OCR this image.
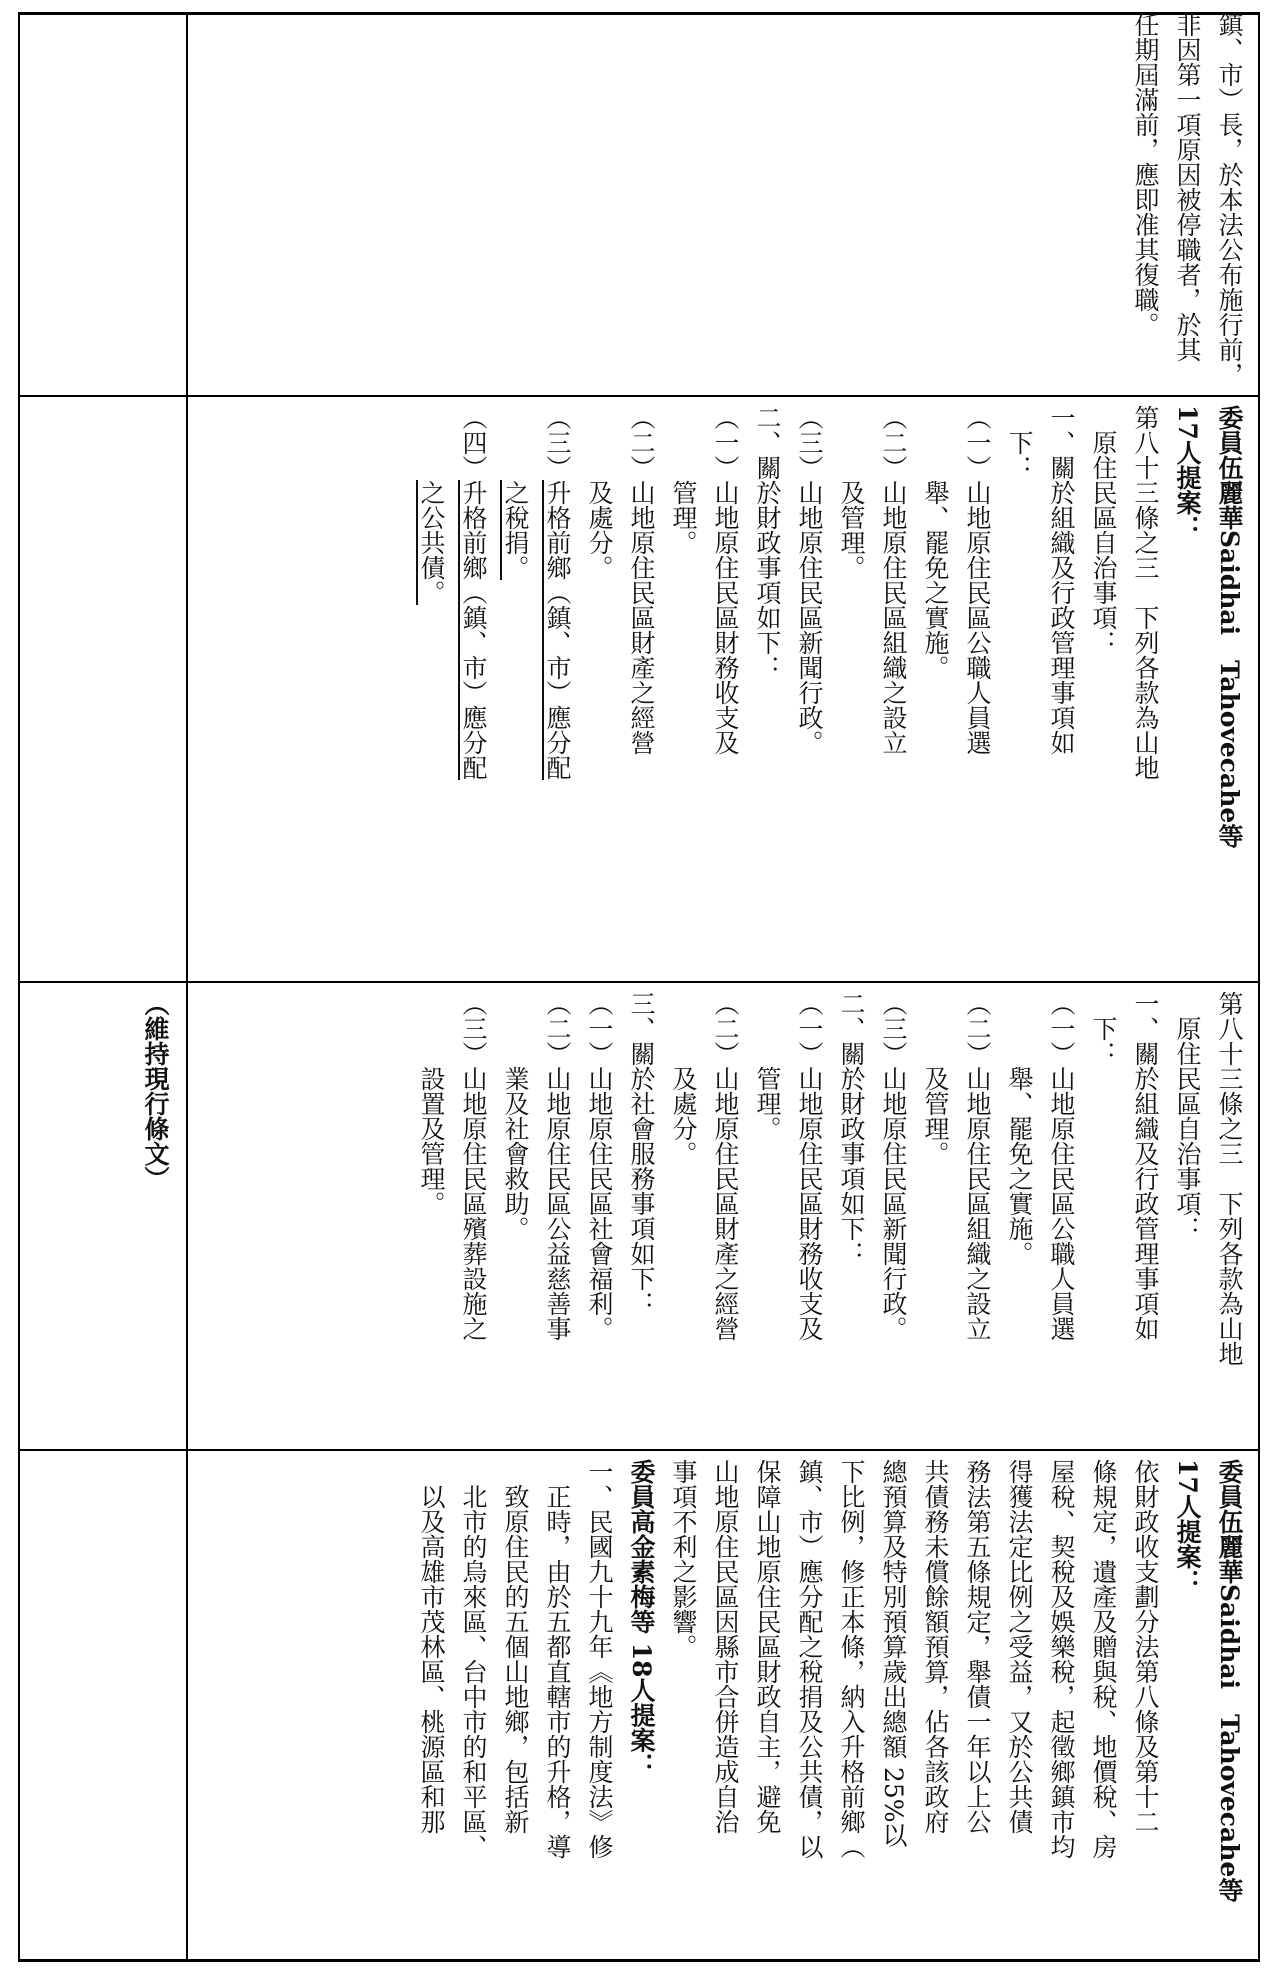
鎮、市）長，於本法公布施行前，
非因第一項原因被停職者，於其
任期屆滿前，應即准其復職。
委員伍麗華Saidhai　Tahovecahe等
17人提案：
第八十三條之三　下列各款為山地
原住民區自治事項：
一、關於組織及行政管理事項如
下：
（一）山地原住民區公職人員選
舉、罷免之實施。
（二）山地原住民區組織之設立
及管理。
（三）山地原住民區新聞行政。
二、關於財政事項如下：
（一）山地原住民區財務收支及
管理。
（二）山地原住民區財產之經營
及處分。
（三）升格前鄉（鎮、市）應分配
之稅捐。
（四）升格前鄉（鎮、市）應分配
之公共債。
第八十三條之三　下列各款為山地
原住民區自治事項：
一、關於組織及行政管理事項如
下：
（一）山地原住民區公職人員選
舉、罷免之實施。
（二）山地原住民區組織之設立
及管理。
（三）山地原住民區新聞行政。
二、關於財政事項如下：
（一）山地原住民區財務收支及
管理。
（二）山地原住民區財產之經營
及處分。
三、關於社會服務事項如下：
（一）山地原住民區社會福利。
（二）山地原住民區公益慈善事
業及社會救助。
（三）山地原住民區殯葬設施之
設置及管理。
委員伍麗華Saidhai　Tahovecahe等
17人提案：
依財政收支劃分法第八條及第十二
條規定，遺產及贈與稅、地價稅、房
屋稅、契稅及娛樂稅，起徵鄉鎮市均
得獲法定比例之受益，又於公共債
務法第五條規定，舉債一年以上公
共債務未償餘額預算，佔各該政府
總預算及特別預算歲出總額 25%以
下比例，修正本條，納入升格前鄉（
鎮、市）應分配之稅捐及公共債，以
保障山地原住民區財政自主，避免
山地原住民區因縣市合併造成自治
事項不利之影響。
委員高金素梅等 18人提案：
一、民國九十九年《地方制度法》修
正時，由於五都直轄市的升格，導
致原住民的五個山地鄉，包括新
北市的烏來區、台中市的和平區、
以及高雄市茂林區、桃源區和那
（維持現行條文）
